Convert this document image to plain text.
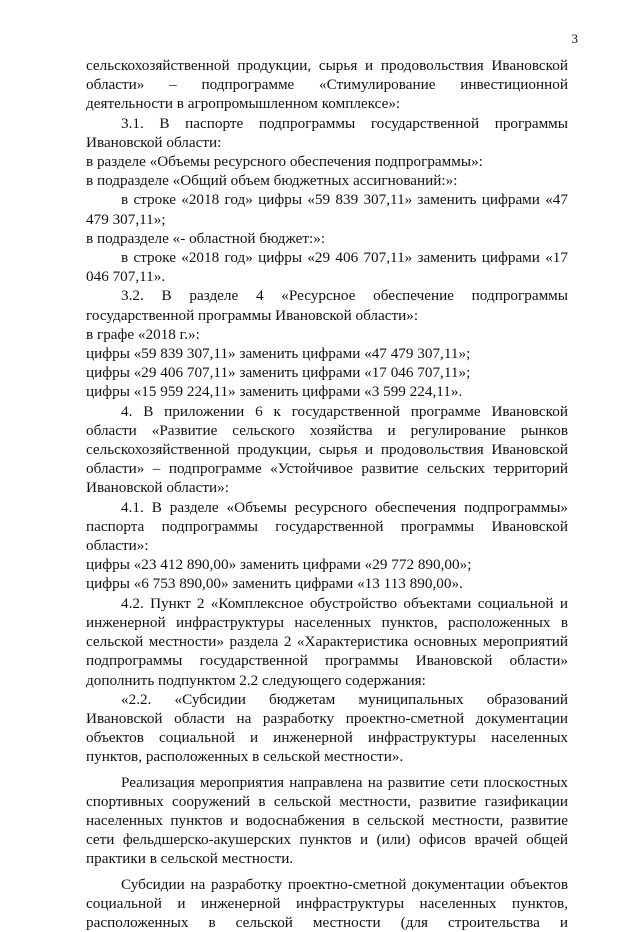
3

сельскохозяйственной продукции, сырья и продовольствия Ивановской области» – подпрограмме «Стимулирование инвестиционной деятельности в агропромышленном комплексе»:

3.1. В паспорте подпрограммы государственной программы Ивановской области:

в разделе «Объемы ресурсного обеспечения подпрограммы»:

в подразделе «Общий объем бюджетных ассигнований:»:

в строке «2018 год» цифры «59 839 307,11» заменить цифрами «47 479 307,11»;

в подразделе «- областной бюджет:»:

в строке «2018 год» цифры «29 406 707,11» заменить цифрами «17 046 707,11».

3.2. В разделе 4 «Ресурсное обеспечение подпрограммы государственной программы Ивановской области»:

в графе «2018 г.»:

цифры «59 839 307,11» заменить цифрами «47 479 307,11»;

цифры «29 406 707,11» заменить цифрами «17 046 707,11»;

цифры «15 959 224,11» заменить цифрами «3 599 224,11».

4. В приложении 6 к государственной программе Ивановской области «Развитие сельского хозяйства и регулирование рынков сельскохозяйственной продукции, сырья и продовольствия Ивановской области» – подпрограмме «Устойчивое развитие сельских территорий Ивановской области»:

4.1. В разделе «Объемы ресурсного обеспечения подпрограммы» паспорта подпрограммы государственной программы Ивановской области»:

цифры «23 412 890,00» заменить цифрами «29 772 890,00»;

цифры «6 753 890,00» заменить цифрами «13 113 890,00».

4.2. Пункт 2 «Комплексное обустройство объектами социальной и инженерной инфраструктуры населенных пунктов, расположенных в сельской местности» раздела 2 «Характеристика основных мероприятий подпрограммы государственной программы Ивановской области» дополнить подпунктом 2.2 следующего содержания:

«2.2. «Субсидии бюджетам муниципальных образований Ивановской области на разработку проектно-сметной документации объектов социальной и инженерной инфраструктуры населенных пунктов, расположенных в сельской местности».

Реализация мероприятия направлена на развитие сети плоскостных спортивных сооружений в сельской местности, развитие газификации населенных пунктов и водоснабжения в сельской местности, развитие сети фельдшерско-акушерских пунктов и (или) офисов врачей общей практики в сельской местности.

Субсидии на разработку проектно-сметной документации объектов социальной и инженерной инфраструктуры населенных пунктов, расположенных в сельской местности (для строительства и
